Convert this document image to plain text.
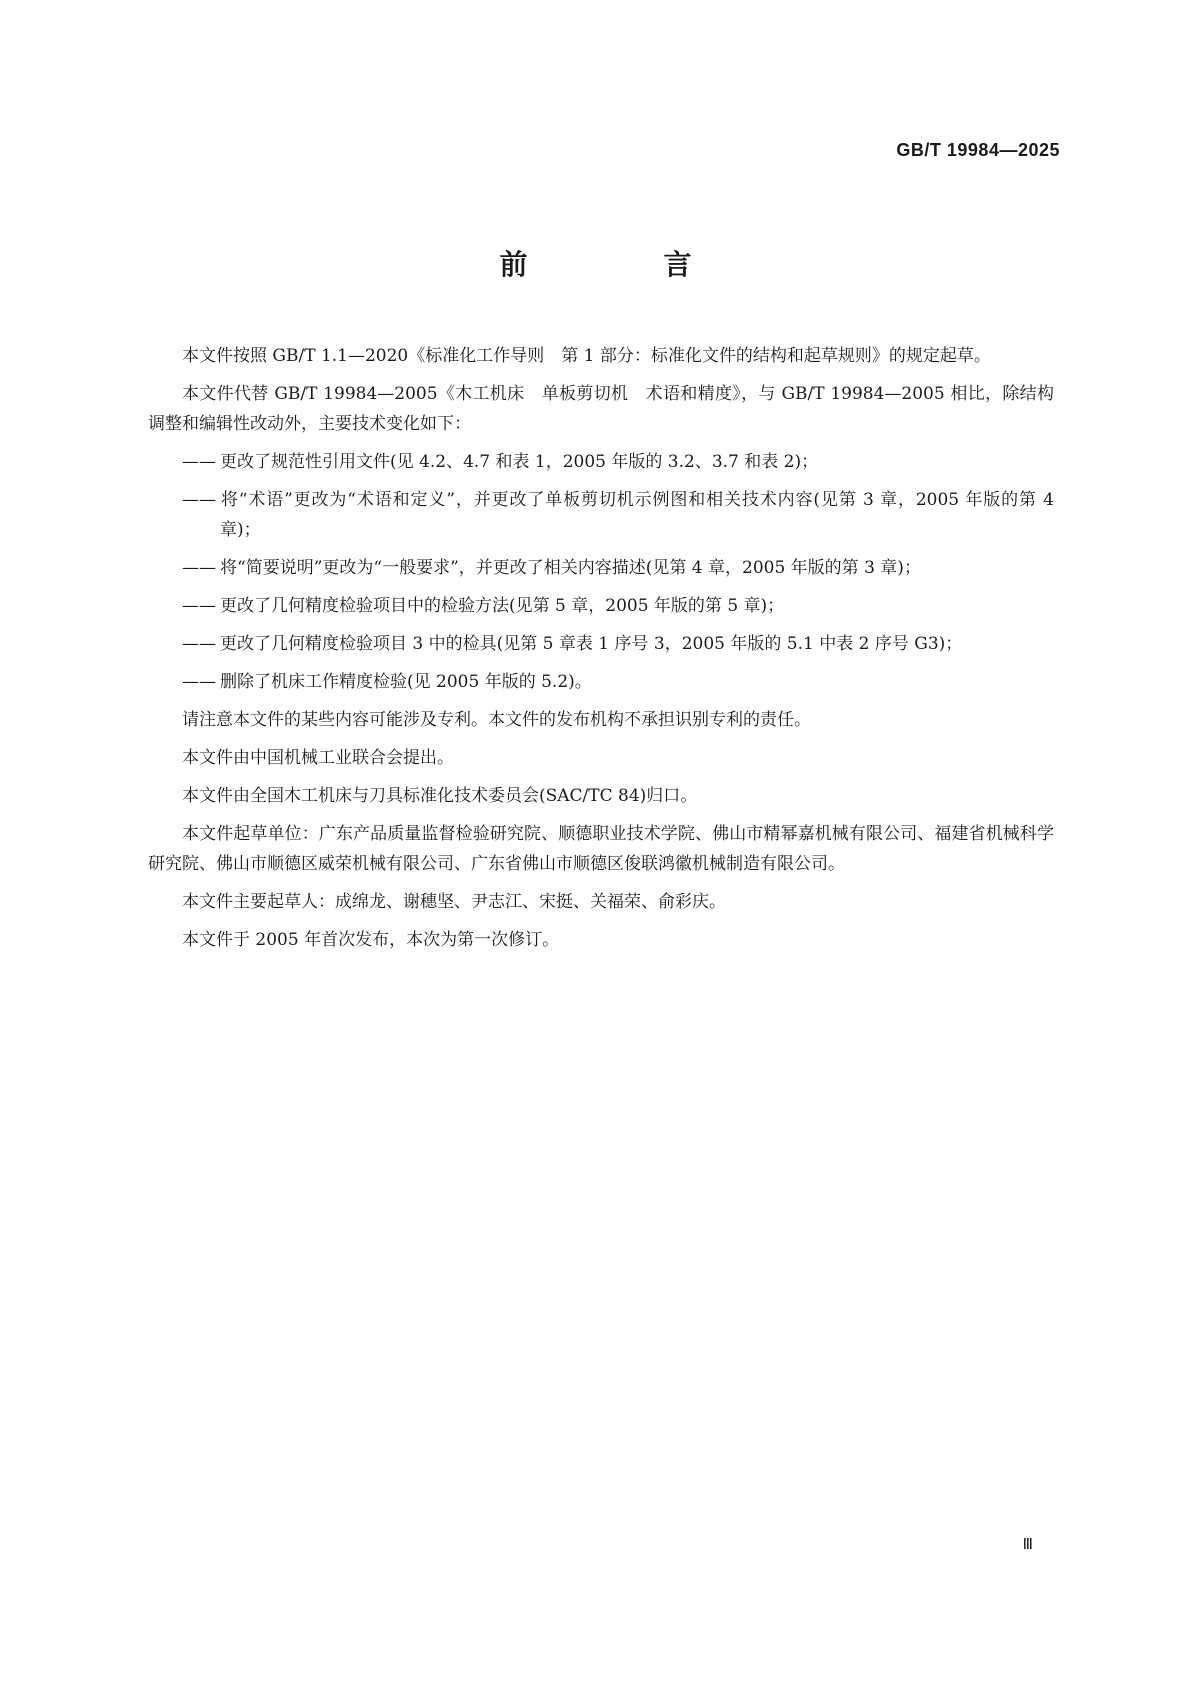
GB/T 19984—2025
前　言

本文件按照 GB/T 1.1—2020《标准化工作导则　第 1 部分：标准化文件的结构和起草规则》的规定起草。

本文件代替 GB/T 19984—2005《木工机床　单板剪切机　术语和精度》，与 GB/T 19984—2005 相比，除结构调整和编辑性改动外，主要技术变化如下：

—— 更改了规范性引用文件(见 4.2、4.7 和表 1，2005 年版的 3.2、3.7 和表 2)；
—— 将“术语”更改为“术语和定义”，并更改了单板剪切机示例图和相关技术内容(见第 3 章，2005 年版的第 4 章)；
—— 将“简要说明”更改为“一般要求”，并更改了相关内容描述(见第 4 章，2005 年版的第 3 章)；
—— 更改了几何精度检验项目中的检验方法(见第 5 章，2005 年版的第 5 章)；
—— 更改了几何精度检验项目 3 中的检具(见第 5 章表 1 序号 3，2005 年版的 5.1 中表 2 序号 G3)；
—— 删除了机床工作精度检验(见 2005 年版的 5.2)。

请注意本文件的某些内容可能涉及专利。本文件的发布机构不承担识别专利的责任。

本文件由中国机械工业联合会提出。

本文件由全国木工机床与刀具标准化技术委员会(SAC/TC 84)归口。

本文件起草单位：广东产品质量监督检验研究院、顺德职业技术学院、佛山市精幂嘉机械有限公司、福建省机械科学研究院、佛山市顺德区威荣机械有限公司、广东省佛山市顺德区俊联鸿徽机械制造有限公司。

本文件主要起草人：成绵龙、谢穗坚、尹志江、宋挺、关福荣、俞彩庆。

本文件于 2005 年首次发布，本次为第一次修订。

Ⅲ
